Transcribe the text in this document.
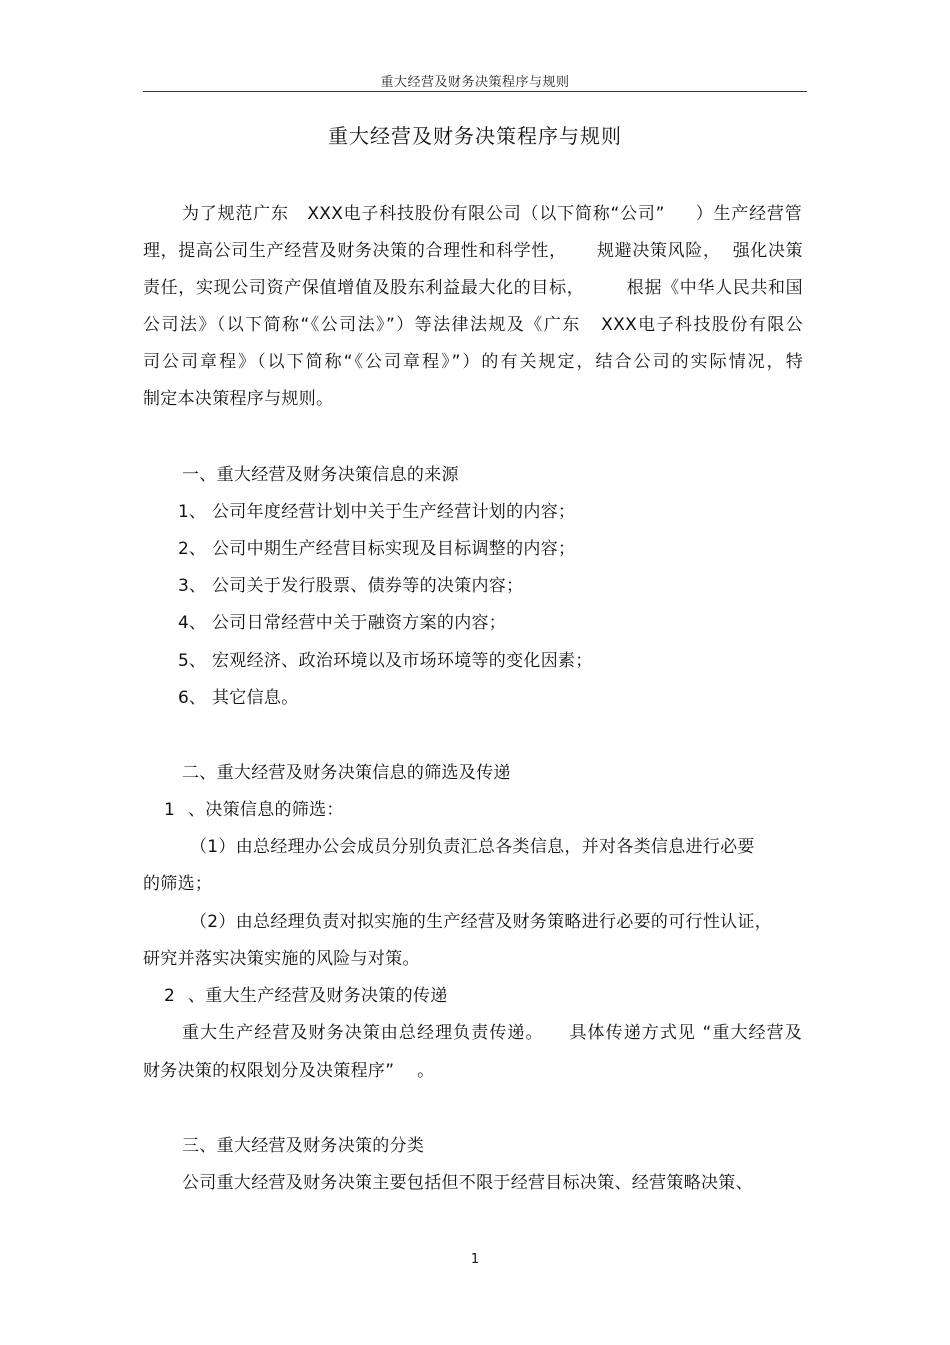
重大经营及财务决策程序与规则
重大经营及财务决策程序与规则
为了规范广东   XXX电子科技股份有限公司（以下简称“公司”     ）生产经营管
理，提高公司生产经营及财务决策的合理性和科学性，     规避决策风险，  强化决策
责任，实现公司资产保值增值及股东利益最大化的目标，       根据《中华人民共和国
公司法》（以下简称“《公司法》”）等法律法规及《广东   XXX电子科技股份有限公
司公司章程》（以下简称“《公司章程》”）的有关规定，结合公司的实际情况，特
制定本决策程序与规则。
一、重大经营及财务决策信息的来源
1、 公司年度经营计划中关于生产经营计划的内容；
2、 公司中期生产经营目标实现及目标调整的内容；
3、 公司关于发行股票、债券等的决策内容；
4、 公司日常经营中关于融资方案的内容；
5、 宏观经济、政治环境以及市场环境等的变化因素；
6、 其它信息。
二、重大经营及财务决策信息的筛选及传递
1 、决策信息的筛选：
（1）由总经理办公会成员分别负责汇总各类信息，并对各类信息进行必要
的筛选；
（2）由总经理负责对拟实施的生产经营及财务策略进行必要的可行性认证，
研究并落实决策实施的风险与对策。
2 、重大生产经营及财务决策的传递
重大生产经营及财务决策由总经理负责传递。    具体传递方式见 “重大经营及
财务决策的权限划分及决策程序”    。
三、重大经营及财务决策的分类
公司重大经营及财务决策主要包括但不限于经营目标决策、经营策略决策、
1
